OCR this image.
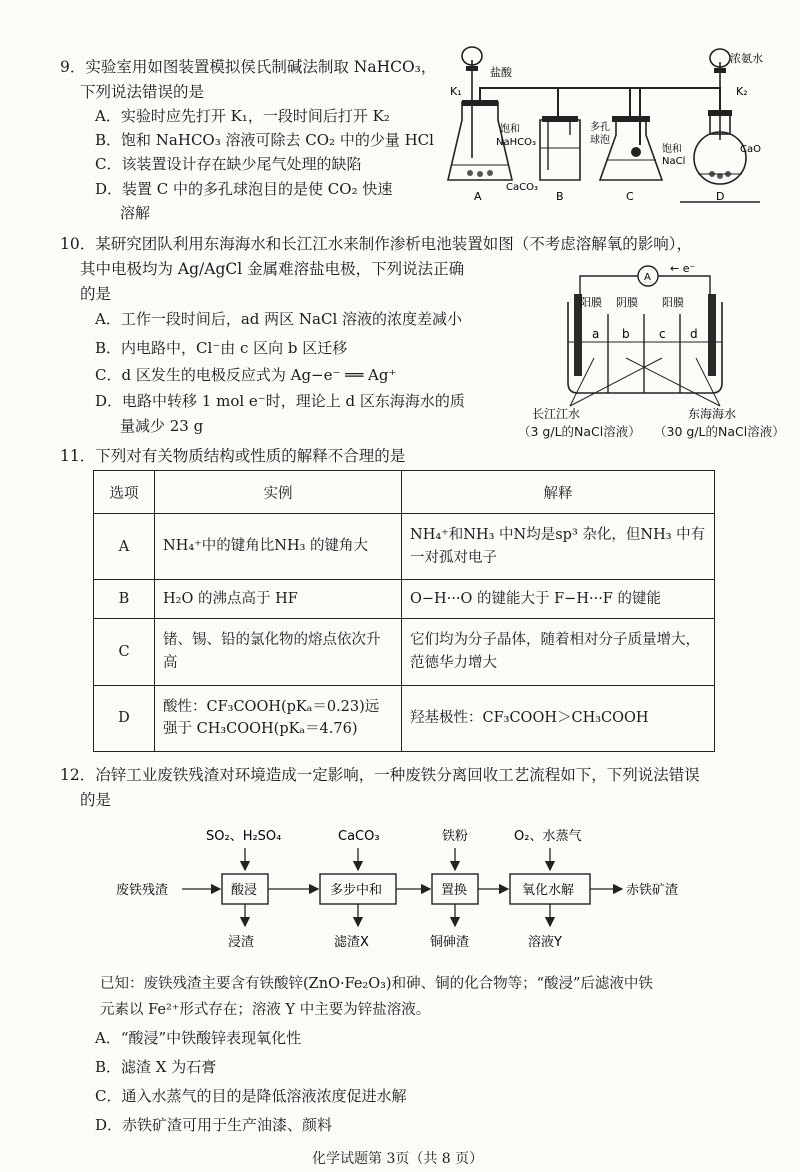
9．实验室用如图装置模拟侯氏制碱法制取 NaHCO₃，
下列说法错误的是
A．实验时应先打开 K₁，一段时间后打开 K₂
B．饱和 NaHCO₃ 溶液可除去 CO₂ 中的少量 HCl
C．该装置设计存在缺少尾气处理的缺陷
D．装置 C 中的多孔球泡目的是使 CO₂ 快速
溶解
盐酸
K₁	K₂
浓氨水
饱和
NaHCO₃
CaCO₃
多孔
球泡
饱和
NaCl
CaO
A	B	C	D
10．某研究团队利用东海海水和长江江水来制作渗析电池装置如图（不考虑溶解氧的影响），
其中电极均为 Ag/AgCl 金属难溶盐电极，下列说法正确
的是
A．工作一段时间后，ad 两区 NaCl 溶液的浓度差减小
B．内电路中，Cl⁻由 c 区向 b 区迁移
C．d 区发生的电极反应式为 Ag−e⁻ ══ Ag⁺
D．电路中转移 1 mol e⁻时，理论上 d 区东海海水的质
量减少 23 g
A
← e⁻
阳膜 阴膜 阳膜
a b c d
长江江水	东海海水
（3 g/L的NaCl溶液） （30 g/L的NaCl溶液）
11．下列对有关物质结构或性质的解释不合理的是
选项	实例	解释
A	NH₄⁺中的键角比NH₃ 的键角大	NH₄⁺和NH₃ 中N均是sp³ 杂化，但NH₃ 中有一对孤对电子
B	H₂O 的沸点高于 HF	O−H···O 的键能大于 F−H···F 的键能
C	锗、锡、铅的氯化物的熔点依次升高	它们均为分子晶体，随着相对分子质量增大，范德华力增大
D	酸性：CF₃COOH(pKₐ＝0.23)远强于 CH₃COOH(pKₐ＝4.76)	羟基极性：CF₃COOH＞CH₃COOH
12．冶锌工业废铁残渣对环境造成一定影响，一种废铁分离回收工艺流程如下，下列说法错误
的是
SO₂、H₂SO₄	CaCO₃	铁粉	O₂、水蒸气
废铁残渣	酸浸	多步中和	置换	氧化水解	赤铁矿渣
浸渣	滤渣X	铜砷渣	溶液Y
已知：废铁残渣主要含有铁酸锌(ZnO·Fe₂O₃)和砷、铜的化合物等；“酸浸”后滤液中铁
元素以 Fe²⁺形式存在；溶液 Y 中主要为锌盐溶液。
A．“酸浸”中铁酸锌表现氧化性
B．滤渣 X 为石膏
C．通入水蒸气的目的是降低溶液浓度促进水解
D．赤铁矿渣可用于生产油漆、颜料
化学试题第 3页（共 8 页）
